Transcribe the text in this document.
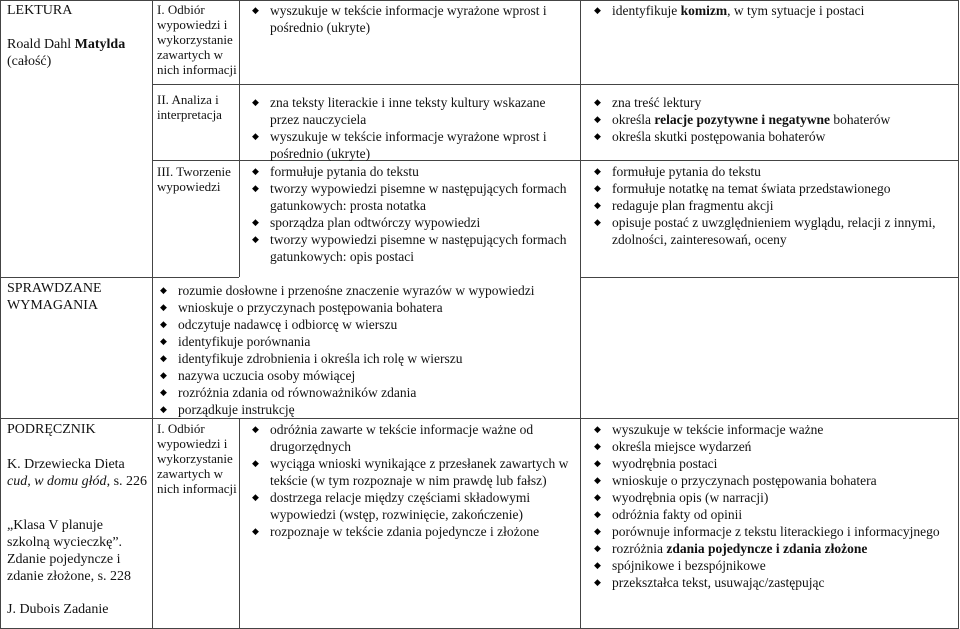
LEKTURA
Roald Dahl Matylda (całość)
SPRAWDZANE WYMAGANIA
PODRĘCZNIK
K. Drzewiecka Dieta cud, w domu głód, s. 226
„Klasa V planuje szkolną wycieczkę”. Zdanie pojedyncze i zdanie złożone, s. 228
J. Dubois Zadanie
I. Odbiór wypowiedzi i wykorzystanie zawartych w nich informacji
II. Analiza i interpretacja
III. Tworzenie wypowiedzi
I. Odbiór wypowiedzi i wykorzystanie zawartych w nich informacji
◆ wyszukuje w tekście informacje wyrażone wprost i pośrednio (ukryte)
◆ zna teksty literackie i inne teksty kultury wskazane przez nauczyciela
◆ wyszukuje w tekście informacje wyrażone wprost i pośrednio (ukryte)
◆ formułuje pytania do tekstu
◆ tworzy wypowiedzi pisemne w następujących formach gatunkowych: prosta notatka
◆ sporządza plan odtwórczy wypowiedzi
◆ tworzy wypowiedzi pisemne w następujących formach gatunkowych: opis postaci
◆ odróżnia zawarte w tekście informacje ważne od drugorzędnych
◆ wyciąga wnioski wynikające z przesłanek zawartych w tekście (w tym rozpoznaje w nim prawdę lub fałsz)
◆ dostrzega relacje między częściami składowymi wypowiedzi (wstęp, rozwinięcie, zakończenie)
◆ rozpoznaje w tekście zdania pojedyncze i złożone
◆ rozumie dosłowne i przenośne znaczenie wyrazów w wypowiedzi
◆ wnioskuje o przyczynach postępowania bohatera
◆ odczytuje nadawcę i odbiorcę w wierszu
◆ identyfikuje porównania
◆ identyfikuje zdrobnienia i określa ich rolę w wierszu
◆ nazywa uczucia osoby mówiącej
◆ rozróżnia zdania od równoważników zdania
◆ porządkuje instrukcję
◆ identyfikuje komizm, w tym sytuacje i postaci
◆ zna treść lektury
◆ określa relacje pozytywne i negatywne bohaterów
◆ określa skutki postępowania bohaterów
◆ formułuje pytania do tekstu
◆ formułuje notatkę na temat świata przedstawionego
◆ redaguje plan fragmentu akcji
◆ opisuje postać z uwzględnieniem wyglądu, relacji z innymi, zdolności, zainteresowań, oceny
◆ wyszukuje w tekście informacje ważne
◆ określa miejsce wydarzeń
◆ wyodrębnia postaci
◆ wnioskuje o przyczynach postępowania bohatera
◆ wyodrębnia opis (w narracji)
◆ odróżnia fakty od opinii
◆ porównuje informacje z tekstu literackiego i informacyjnego
◆ rozróżnia zdania pojedyncze i zdania złożone
◆ spójnikowe i bezspójnikowe
◆ przekształca tekst, usuwając/zastępując
